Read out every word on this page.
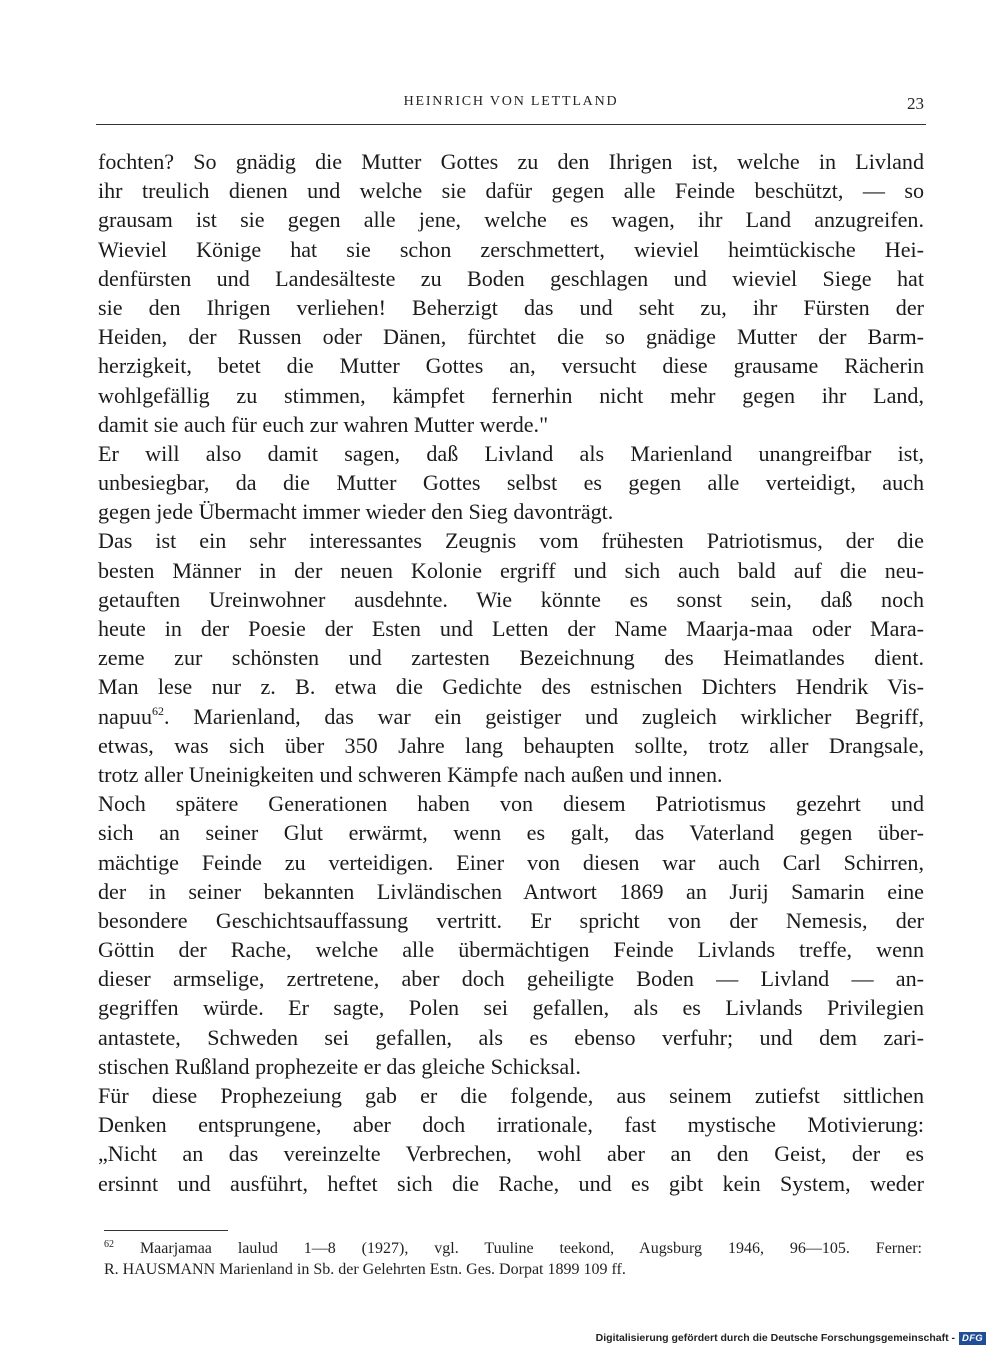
HEINRICH VON LETTLAND	23
fochten? So gnädig die Mutter Gottes zu den Ihrigen ist, welche in Livland
ihr treulich dienen und welche sie dafür gegen alle Feinde beschützt, — so
grausam ist sie gegen alle jene, welche es wagen, ihr Land anzugreifen.
Wieviel Könige hat sie schon zerschmettert, wieviel heimtückische Hei-
denfürsten und Landesälteste zu Boden geschlagen und wieviel Siege hat
sie den Ihrigen verliehen! Beherzigt das und seht zu, ihr Fürsten der
Heiden, der Russen oder Dänen, fürchtet die so gnädige Mutter der Barm-
herzigkeit, betet die Mutter Gottes an, versucht diese grausame Rächerin
wohlgefällig zu stimmen, kämpfet fernerhin nicht mehr gegen ihr Land,
damit sie auch für euch zur wahren Mutter werde."
Er will also damit sagen, daß Livland als Marienland unangreifbar ist,
unbesiegbar, da die Mutter Gottes selbst es gegen alle verteidigt, auch
gegen jede Übermacht immer wieder den Sieg davonträgt.
Das ist ein sehr interessantes Zeugnis vom frühesten Patriotismus, der die
besten Männer in der neuen Kolonie ergriff und sich auch bald auf die neu-
getauften Ureinwohner ausdehnte. Wie könnte es sonst sein, daß noch
heute in der Poesie der Esten und Letten der Name Maarja-maa oder Mara-
zeme zur schönsten und zartesten Bezeichnung des Heimatlandes dient.
Man lese nur z. B. etwa die Gedichte des estnischen Dichters Hendrik Vis-
napuu$^{62}$. Marienland, das war ein geistiger und zugleich wirklicher Begriff,
etwas, was sich über 350 Jahre lang behaupten sollte, trotz aller Drangsale,
trotz aller Uneinigkeiten und schweren Kämpfe nach außen und innen.
Noch spätere Generationen haben von diesem Patriotismus gezehrt und
sich an seiner Glut erwärmt, wenn es galt, das Vaterland gegen über-
mächtige Feinde zu verteidigen. Einer von diesen war auch Carl Schirren,
der in seiner bekannten Livländischen Antwort 1869 an Jurij Samarin eine
besondere Geschichtsauffassung vertritt. Er spricht von der Nemesis, der
Göttin der Rache, welche alle übermächtigen Feinde Livlands treffe, wenn
dieser armselige, zertretene, aber doch geheiligte Boden — Livland — an-
gegriffen würde. Er sagte, Polen sei gefallen, als es Livlands Privilegien
antastete, Schweden sei gefallen, als es ebenso verfuhr; und dem zari-
stischen Rußland prophezeite er das gleiche Schicksal.
Für diese Prophezeiung gab er die folgende, aus seinem zutiefst sittlichen
Denken entsprungene, aber doch irrationale, fast mystische Motivierung:
„Nicht an das vereinzelte Verbrechen, wohl aber an den Geist, der es
ersinnt und ausführt, heftet sich die Rache, und es gibt kein System, weder
$^{62}$ Maarjamaa laulud 1—8 (1927), vgl. Tuuline teekond, Augsburg 1946, 96—105. Ferner:
R. HAUSMANN Marienland in Sb. der Gelehrten Estn. Ges. Dorpat 1899 109 ff.
Digitalisierung gefördert durch die Deutsche Forschungsgemeinschaft - DFG
